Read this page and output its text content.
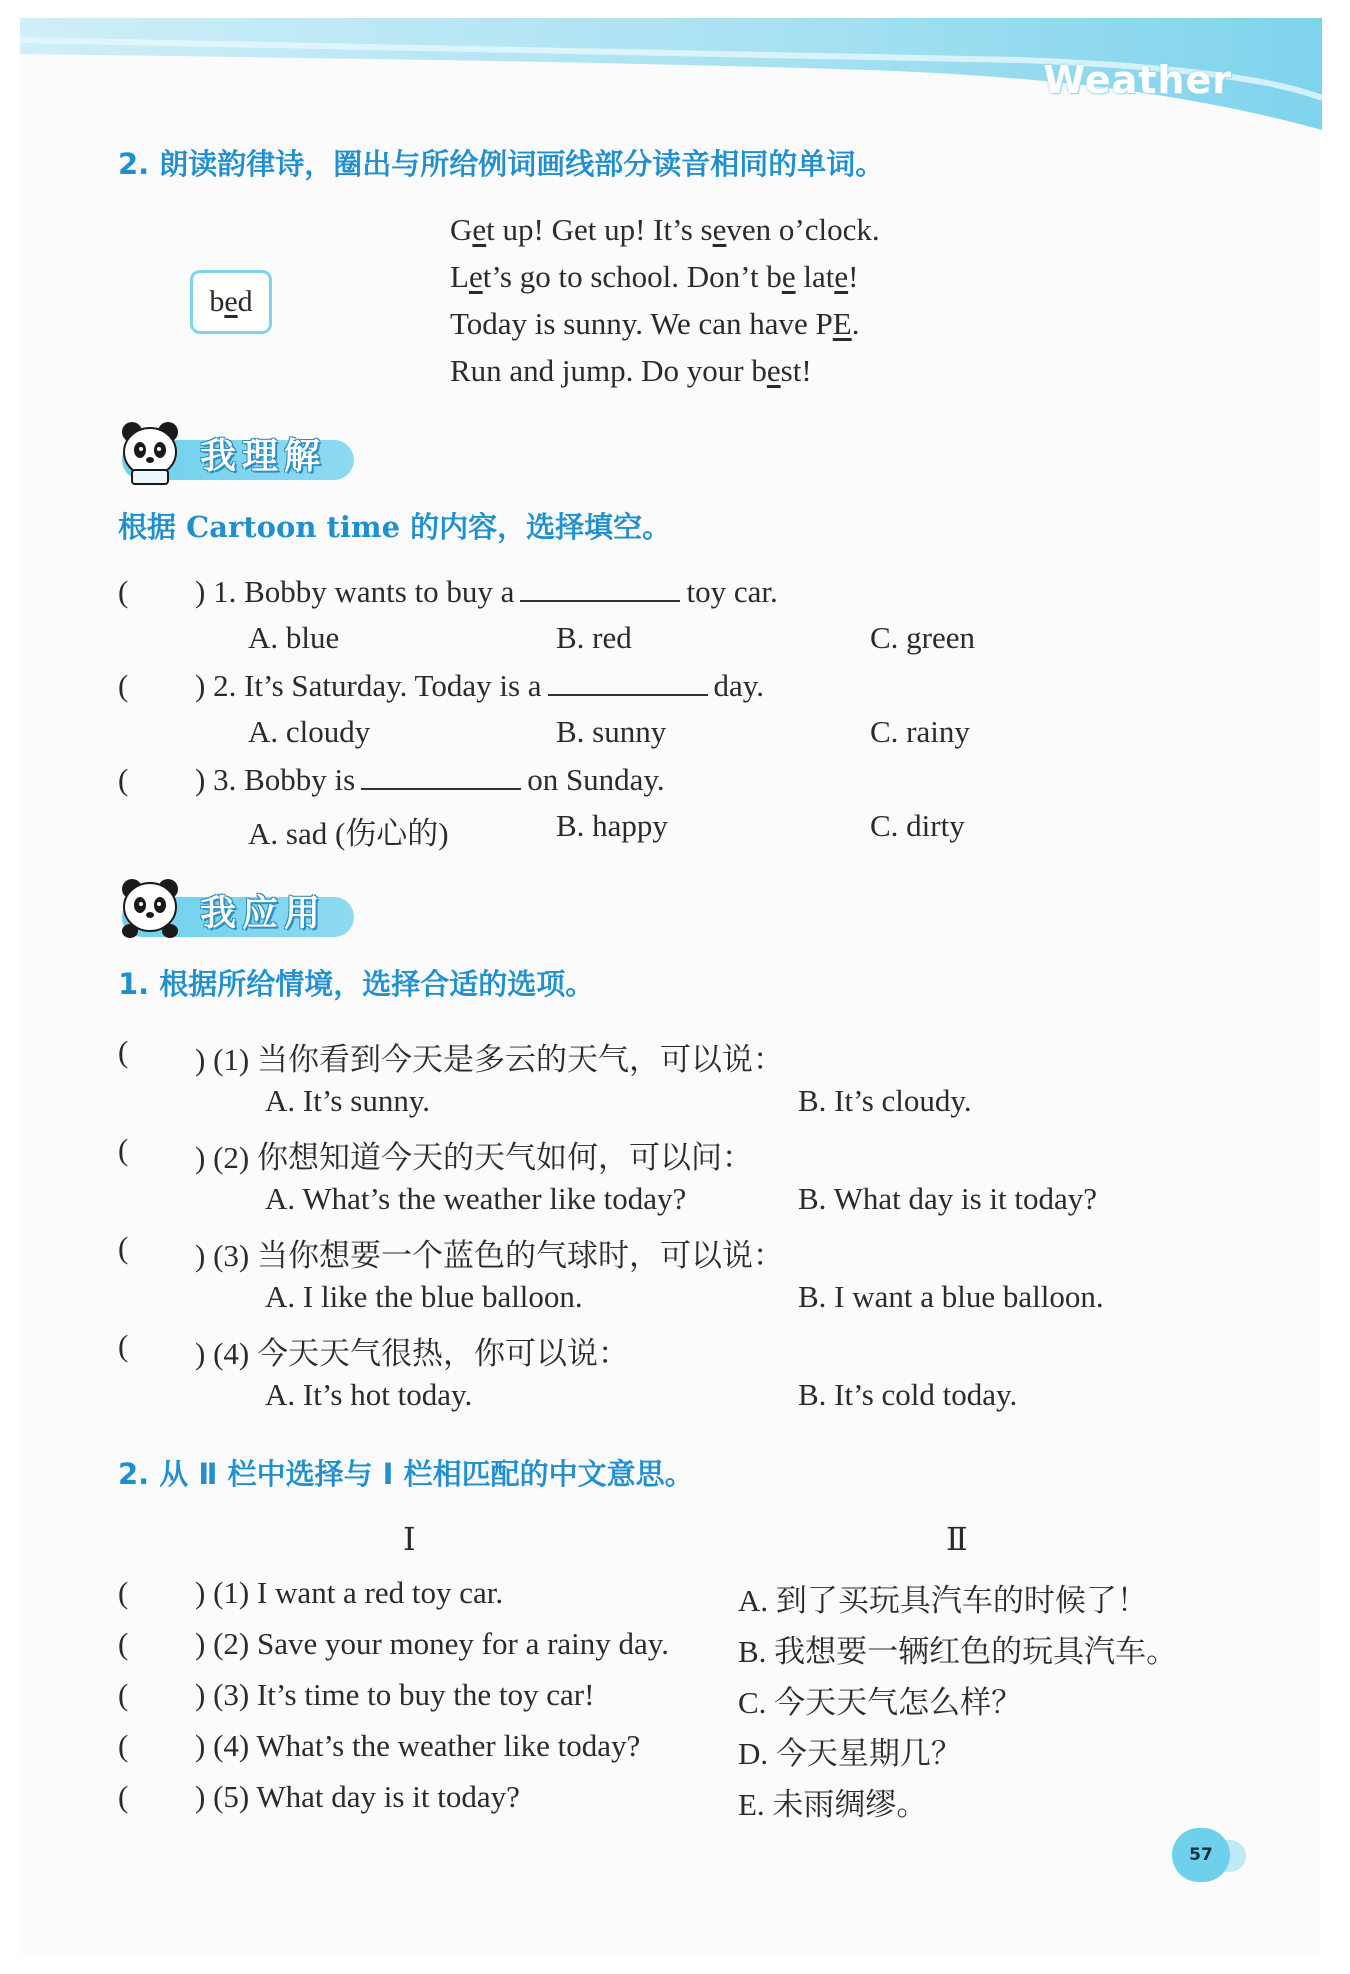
Weather
2. 朗读韵律诗，圈出与所给例词画线部分读音相同的单词。
bed
Get up! Get up! It’s seven o’clock.
Let’s go to school. Don’t be late!
Today is sunny. We can have PE.
Run and jump. Do your best!
我理解
根据 Cartoon time 的内容，选择填空。
( ) 1. Bobby wants to buy a	toy car.
A. blue	B. red	C. green
( ) 2. It’s Saturday. Today is a	day.
A. cloudy	B. sunny	C. rainy
( ) 3. Bobby is	on Sunday.
A. sad (伤心的)	B. happy	C. dirty
我应用
1. 根据所给情境，选择合适的选项。
( ) (1) 当你看到今天是多云的天气，可以说：
A. It’s sunny.	B. It’s cloudy.
( ) (2) 你想知道今天的天气如何，可以问：
A. What’s the weather like today?	B. What day is it today?
( ) (3) 当你想要一个蓝色的气球时，可以说：
A. I like the blue balloon.	B. I want a blue balloon.
( ) (4) 今天天气很热，你可以说：
A. It’s hot today.	B. It’s cold today.
2. 从 Ⅱ 栏中选择与 Ⅰ 栏相匹配的中文意思。
Ⅰ	Ⅱ
( ) (1) I want a red toy car.	A. 到了买玩具汽车的时候了！
( ) (2) Save your money for a rainy day. B. 我想要一辆红色的玩具汽车。
( ) (3) It’s time to buy the toy car!	C. 今天天气怎么样？
( ) (4) What’s the weather like today?	D. 今天星期几？
( ) (5) What day is it today?	E. 未雨绸缪。
57
